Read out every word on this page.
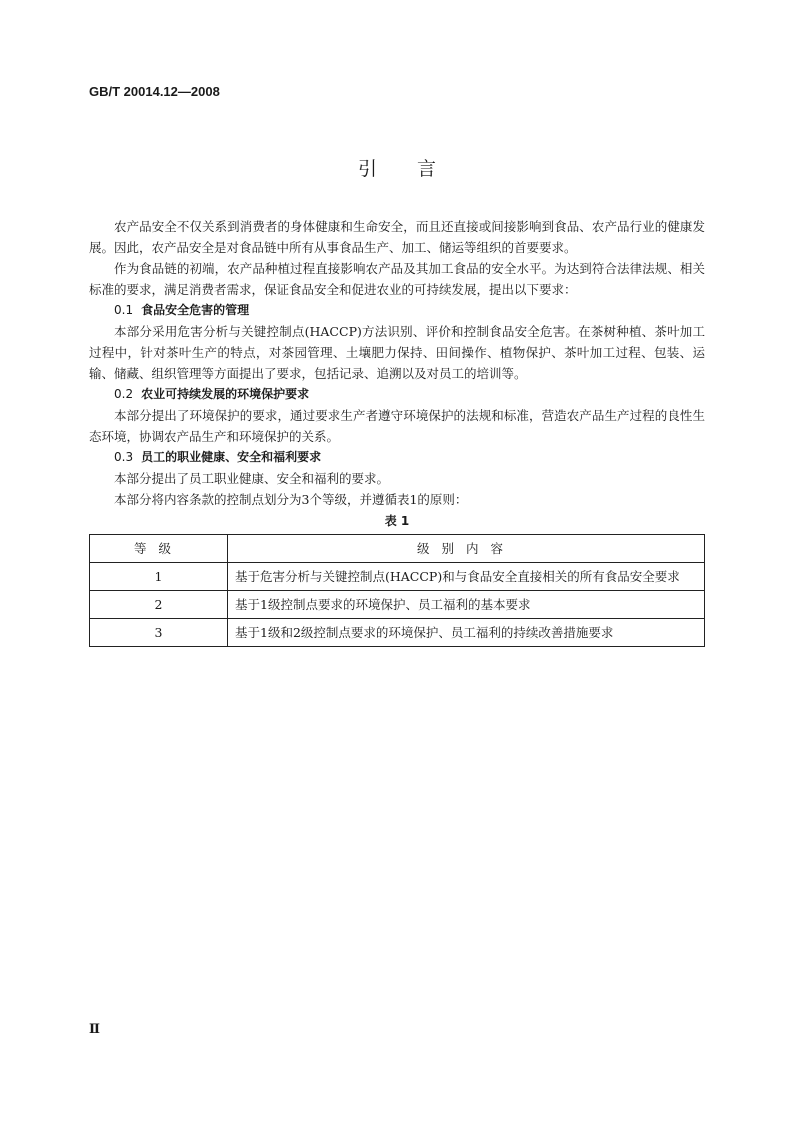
GB/T 20014.12—2008
引言

农产品安全不仅关系到消费者的身体健康和生命安全，而且还直接或间接影响到食品、农产品行业的健康发展。因此，农产品安全是对食品链中所有从事食品生产、加工、储运等组织的首要要求。

作为食品链的初端，农产品种植过程直接影响农产品及其加工食品的安全水平。为达到符合法律法规、相关标准的要求，满足消费者需求，保证食品安全和促进农业的可持续发展，提出以下要求：

0.1 食品安全危害的管理

本部分采用危害分析与关键控制点(HACCP)方法识别、评价和控制食品安全危害。在茶树种植、茶叶加工过程中，针对茶叶生产的特点，对茶园管理、土壤肥力保持、田间操作、植物保护、茶叶加工过程、包装、运输、储藏、组织管理等方面提出了要求，包括记录、追溯以及对员工的培训等。

0.2 农业可持续发展的环境保护要求

本部分提出了环境保护的要求，通过要求生产者遵守环境保护的法规和标准，营造农产品生产过程的良性生态环境，协调农产品生产和环境保护的关系。

0.3 员工的职业健康、安全和福利要求

本部分提出了员工职业健康、安全和福利的要求。

本部分将内容条款的控制点划分为3个等级，并遵循表1的原则：

表 1
等级	级别内容
1	基于危害分析与关键控制点(HACCP)和与食品安全直接相关的所有食品安全要求
2	基于1级控制点要求的环境保护、员工福利的基本要求
3	基于1级和2级控制点要求的环境保护、员工福利的持续改善措施要求
Ⅱ
